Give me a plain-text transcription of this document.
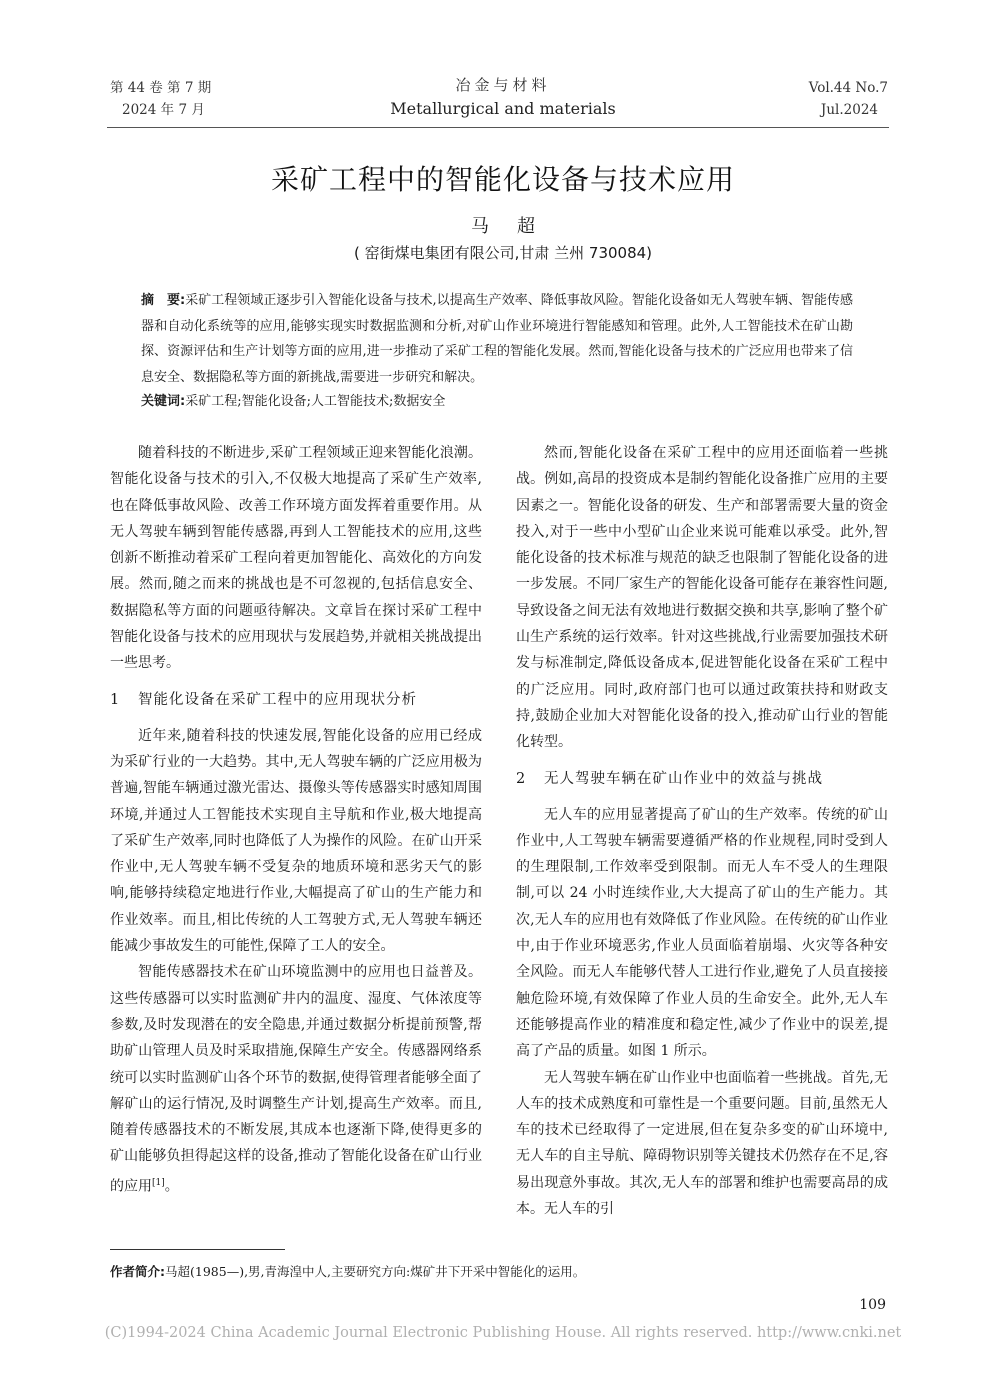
第 44 卷 第 7 期
2024 年 7 月
冶金与材料
Metallurgical and materials
Vol.44 No.7
Jul.2024
采矿工程中的智能化设备与技术应用
马超
( 窑街煤电集团有限公司,甘肃 兰州 730084)
摘　要:采矿工程领域正逐步引入智能化设备与技术,以提高生产效率、降低事故风险。智能化设备如无人驾驶车辆、智能传感器和自动化系统等的应用,能够实现实时数据监测和分析,对矿山作业环境进行智能感知和管理。此外,人工智能技术在矿山勘探、资源评估和生产计划等方面的应用,进一步推动了采矿工程的智能化发展。然而,智能化设备与技术的广泛应用也带来了信息安全、数据隐私等方面的新挑战,需要进一步研究和解决。
关键词:采矿工程;智能化设备;人工智能技术;数据安全

随着科技的不断进步,采矿工程领域正迎来智能化浪潮。智能化设备与技术的引入,不仅极大地提高了采矿生产效率,也在降低事故风险、改善工作环境方面发挥着重要作用。从无人驾驶车辆到智能传感器,再到人工智能技术的应用,这些创新不断推动着采矿工程向着更加智能化、高效化的方向发展。然而,随之而来的挑战也是不可忽视的,包括信息安全、数据隐私等方面的问题亟待解决。文章旨在探讨采矿工程中智能化设备与技术的应用现状与发展趋势,并就相关挑战提出一些思考。

1 智能化设备在采矿工程中的应用现状分析

近年来,随着科技的快速发展,智能化设备的应用已经成为采矿行业的一大趋势。其中,无人驾驶车辆的广泛应用极为普遍,智能车辆通过激光雷达、摄像头等传感器实时感知周围环境,并通过人工智能技术实现自主导航和作业,极大地提高了采矿生产效率,同时也降低了人为操作的风险。在矿山开采作业中,无人驾驶车辆不受复杂的地质环境和恶劣天气的影响,能够持续稳定地进行作业,大幅提高了矿山的生产能力和作业效率。而且,相比传统的人工驾驶方式,无人驾驶车辆还能减少事故发生的可能性,保障了工人的安全。

智能传感器技术在矿山环境监测中的应用也日益普及。这些传感器可以实时监测矿井内的温度、湿度、气体浓度等参数,及时发现潜在的安全隐患,并通过数据分析提前预警,帮助矿山管理人员及时采取措施,保障生产安全。传感器网络系统可以实时监测矿山各个环节的数据,使得管理者能够全面了解矿山的运行情况,及时调整生产计划,提高生产效率。而且,随着传感器技术的不断发展,其成本也逐渐下降,使得更多的矿山能够负担得起这样的设备,推动了智能化设备在矿山行业的应用[1]。

然而,智能化设备在采矿工程中的应用还面临着一些挑战。例如,高昂的投资成本是制约智能化设备推广应用的主要因素之一。智能化设备的研发、生产和部署需要大量的资金投入,对于一些中小型矿山企业来说可能难以承受。此外,智能化设备的技术标准与规范的缺乏也限制了智能化设备的进一步发展。不同厂家生产的智能化设备可能存在兼容性问题,导致设备之间无法有效地进行数据交换和共享,影响了整个矿山生产系统的运行效率。针对这些挑战,行业需要加强技术研发与标准制定,降低设备成本,促进智能化设备在采矿工程中的广泛应用。同时,政府部门也可以通过政策扶持和财政支持,鼓励企业加大对智能化设备的投入,推动矿山行业的智能化转型。

2 无人驾驶车辆在矿山作业中的效益与挑战

无人车的应用显著提高了矿山的生产效率。传统的矿山作业中,人工驾驶车辆需要遵循严格的作业规程,同时受到人的生理限制,工作效率受到限制。而无人车不受人的生理限制,可以 24 小时连续作业,大大提高了矿山的生产能力。其次,无人车的应用也有效降低了作业风险。在传统的矿山作业中,由于作业环境恶劣,作业人员面临着崩塌、火灾等各种安全风险。而无人车能够代替人工进行作业,避免了人员直接接触危险环境,有效保障了作业人员的生命安全。此外,无人车还能够提高作业的精准度和稳定性,减少了作业中的误差,提高了产品的质量。如图 1 所示。

无人驾驶车辆在矿山作业中也面临着一些挑战。首先,无人车的技术成熟度和可靠性是一个重要问题。目前,虽然无人车的技术已经取得了一定进展,但在复杂多变的矿山环境中,无人车的自主导航、障碍物识别等关键技术仍然存在不足,容易出现意外事故。其次,无人车的部署和维护也需要高昂的成本。无人车的引

作者简介:马超(1985—),男,青海湟中人,主要研究方向:煤矿井下开采中智能化的运用。
109
(C)1994-2024 China Academic Journal Electronic Publishing House. All rights reserved. http://www.cnki.net
